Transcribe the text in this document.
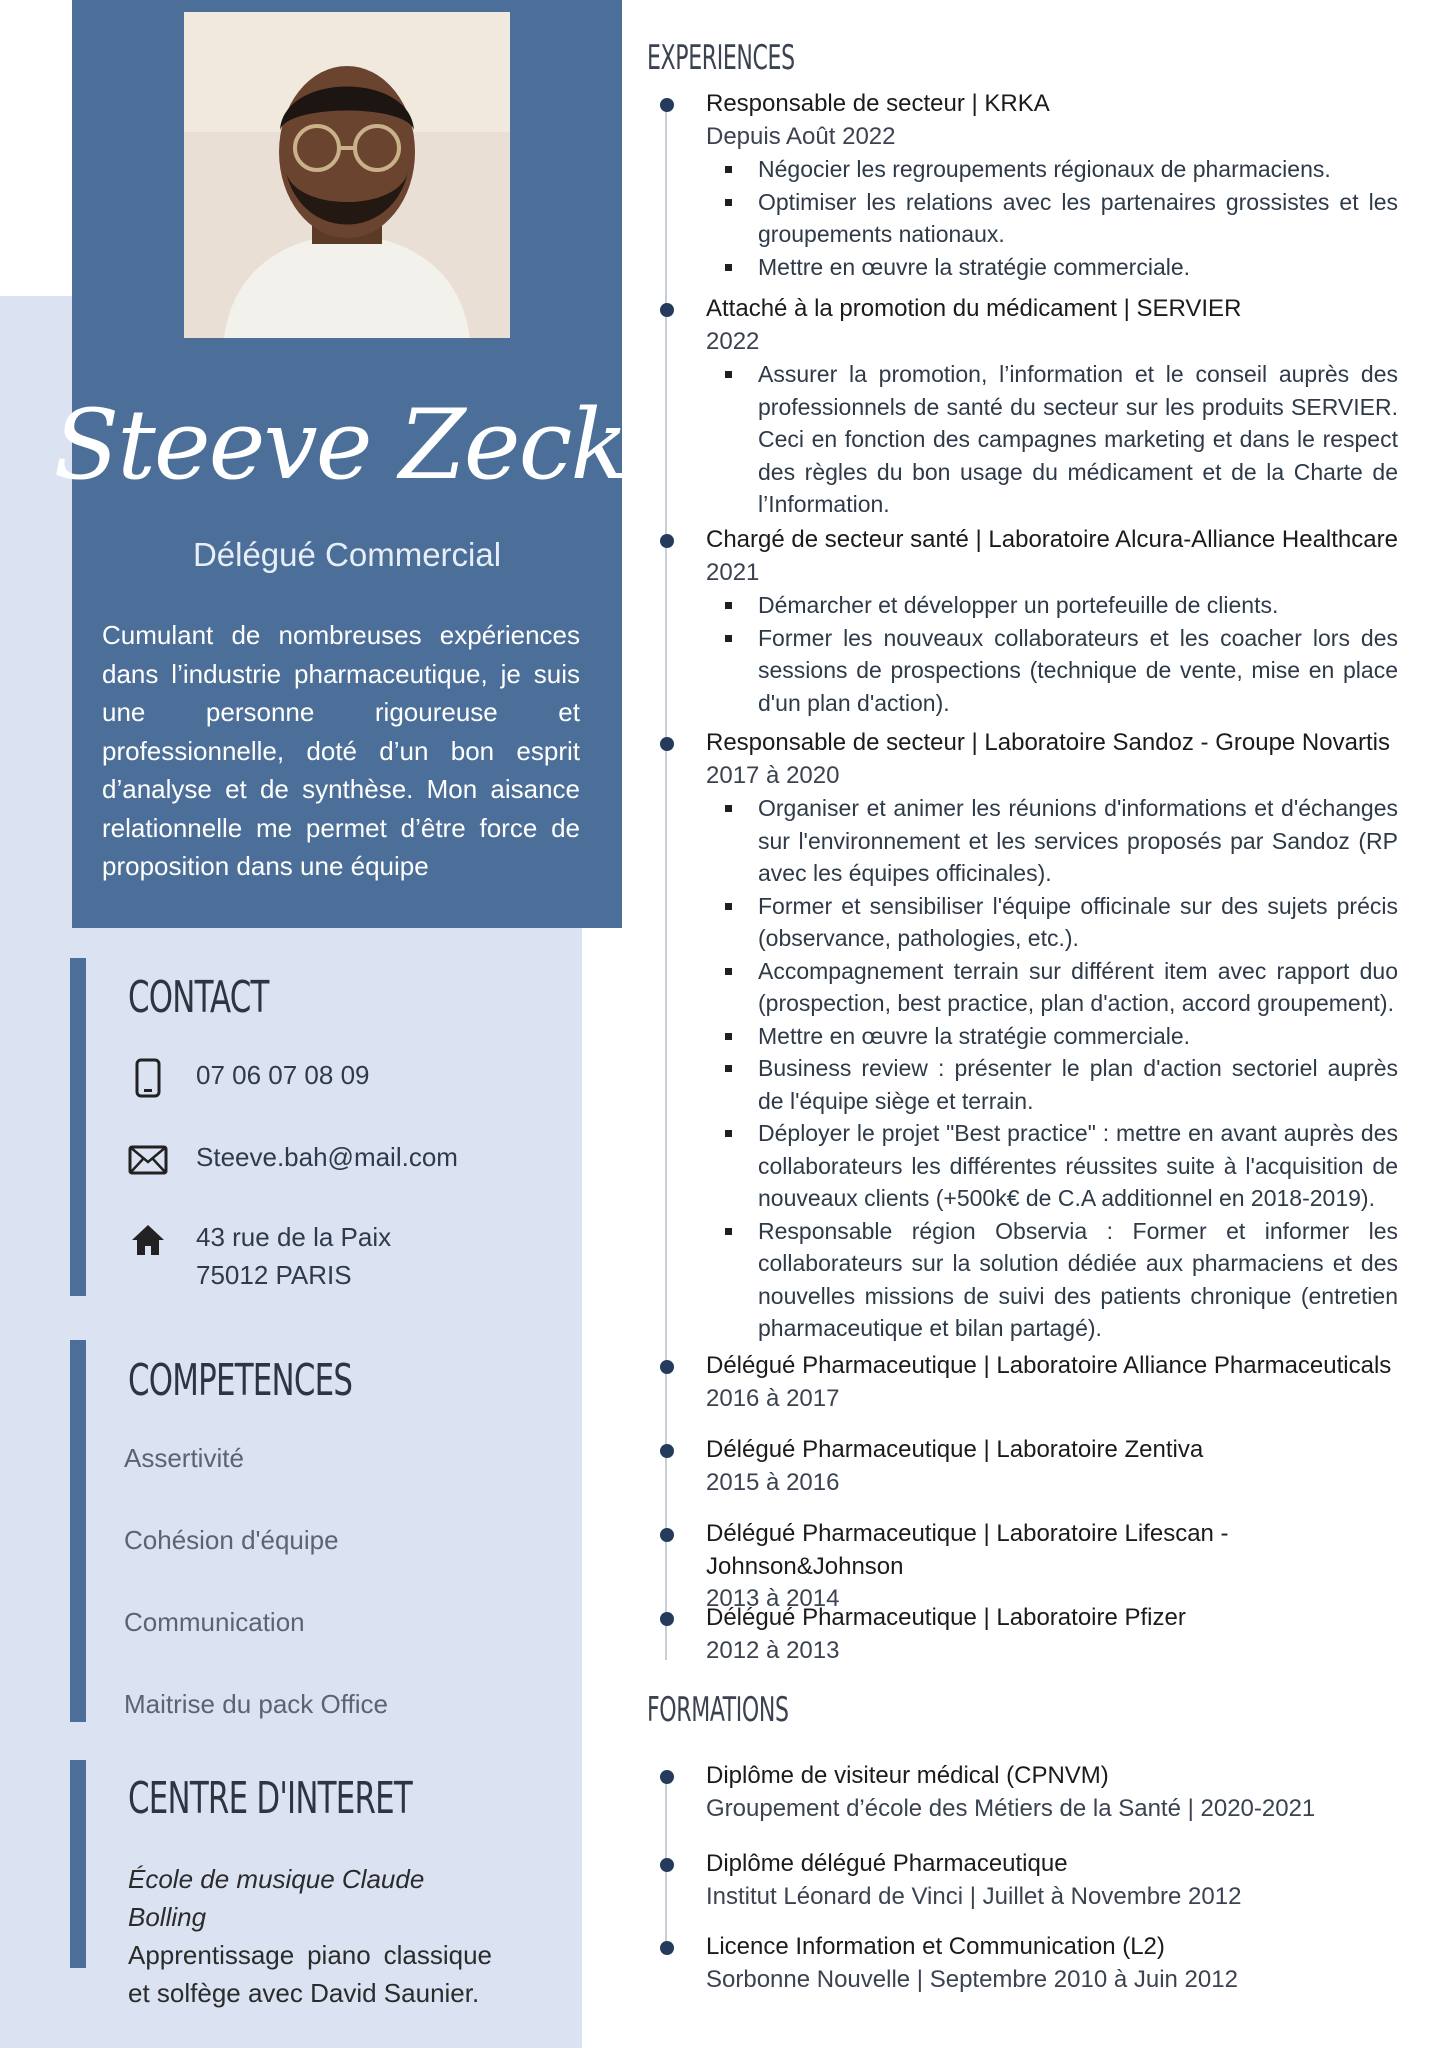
Steeve Zeck
Délégué Commercial
Cumulant de nombreuses expériences dans l’industrie pharmaceutique, je suis une personne rigoureuse et professionnelle, doté d’un bon esprit d’analyse et de synthèse. Mon aisance relationnelle me permet d’être force de proposition dans une équipe
CONTACT
07 06 07 08 09
Steeve.bah@mail.com
43 rue de la Paix
75012 PARIS
COMPETENCES
Assertivité
Cohésion d'équipe
Communication
Maitrise du pack Office
CENTRE D'INTERET
École de musique Claude Bolling
Apprentissage piano classique et solfège avec David Saunier.
EXPERIENCES
Responsable de secteur | KRKA
Depuis Août 2022
Négocier les regroupements régionaux de pharmaciens.
Optimiser les relations avec les partenaires grossistes et les groupements nationaux.
Mettre en œuvre la stratégie commerciale.
Attaché à la promotion du médicament | SERVIER
2022
Assurer la promotion, l’information et le conseil auprès des professionnels de santé du secteur sur les produits SERVIER. Ceci en fonction des campagnes marketing et dans le respect des règles du bon usage du médicament et de la Charte de l’Information.
Chargé de secteur santé | Laboratoire Alcura-Alliance Healthcare
2021
Démarcher et développer un portefeuille de clients.
Former les nouveaux collaborateurs et les coacher lors des sessions de prospections (technique de vente, mise en place d'un plan d'action).
Responsable de secteur | Laboratoire Sandoz - Groupe Novartis
2017 à 2020
Organiser et animer les réunions d'informations et d'échanges sur l'environnement et les services proposés par Sandoz (RP avec les équipes officinales).
Former et sensibiliser l'équipe officinale sur des sujets précis (observance, pathologies, etc.).
Accompagnement terrain sur différent item avec rapport duo (prospection, best practice, plan d'action, accord groupement).
Mettre en œuvre la stratégie commerciale.
Business review : présenter le plan d'action sectoriel auprès de l'équipe siège et terrain.
Déployer le projet "Best practice" : mettre en avant auprès des collaborateurs les différentes réussites suite à l'acquisition de nouveaux clients (+500k€ de C.A additionnel en 2018-2019).
Responsable région Observia : Former et informer les collaborateurs sur la solution dédiée aux pharmaciens et des nouvelles missions de suivi des patients chronique (entretien pharmaceutique et bilan partagé).
Délégué Pharmaceutique | Laboratoire Alliance Pharmaceuticals
2016 à 2017
Délégué Pharmaceutique | Laboratoire Zentiva
2015 à 2016
Délégué Pharmaceutique | Laboratoire Lifescan - Johnson&Johnson
2013 à 2014
Délégué Pharmaceutique | Laboratoire Pfizer
2012 à 2013
FORMATIONS
Diplôme de visiteur médical (CPNVM)
Groupement d’école des Métiers de la Santé | 2020-2021
Diplôme délégué Pharmaceutique
Institut Léonard de Vinci | Juillet à Novembre 2012
Licence Information et Communication (L2)
Sorbonne Nouvelle | Septembre 2010 à Juin 2012
